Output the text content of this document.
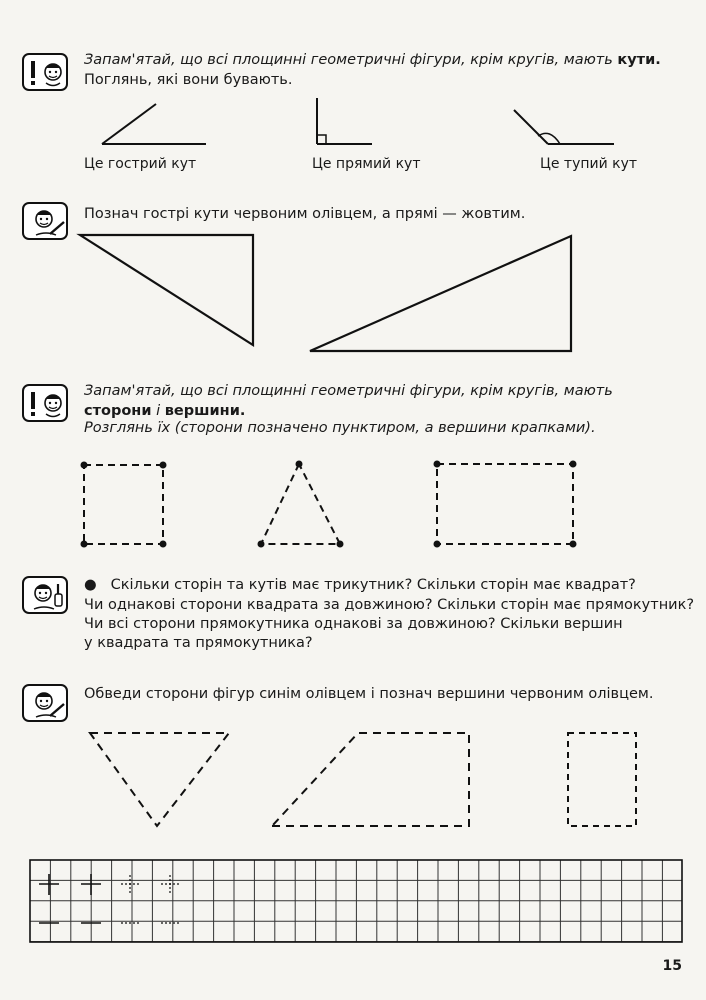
Запам'ятай, що всі площинні геометричні фігури, крім кругів, мають кути.
Поглянь, які вони бувають.
Це гострий кут	Це прямий кут	Це тупий кут
Познач гострі кути червоним олівцем, а прямі — жовтим.
Запам'ятай, що всі площинні геометричні фігури, крім кругів, мають
сторони і вершини.
Розглянь їх (сторони позначено пунктиром, а вершини крапками).
● Скільки сторін та кутів має трикутник? Скільки сторін має квадрат?
Чи однакові сторони квадрата за довжиною? Скільки сторін має прямокутник?
Чи всі сторони прямокутника однакові за довжиною? Скільки вершин
у квадрата та прямокутника?
Обведи сторони фігур синім олівцем і познач вершини червоним олівцем.
15
